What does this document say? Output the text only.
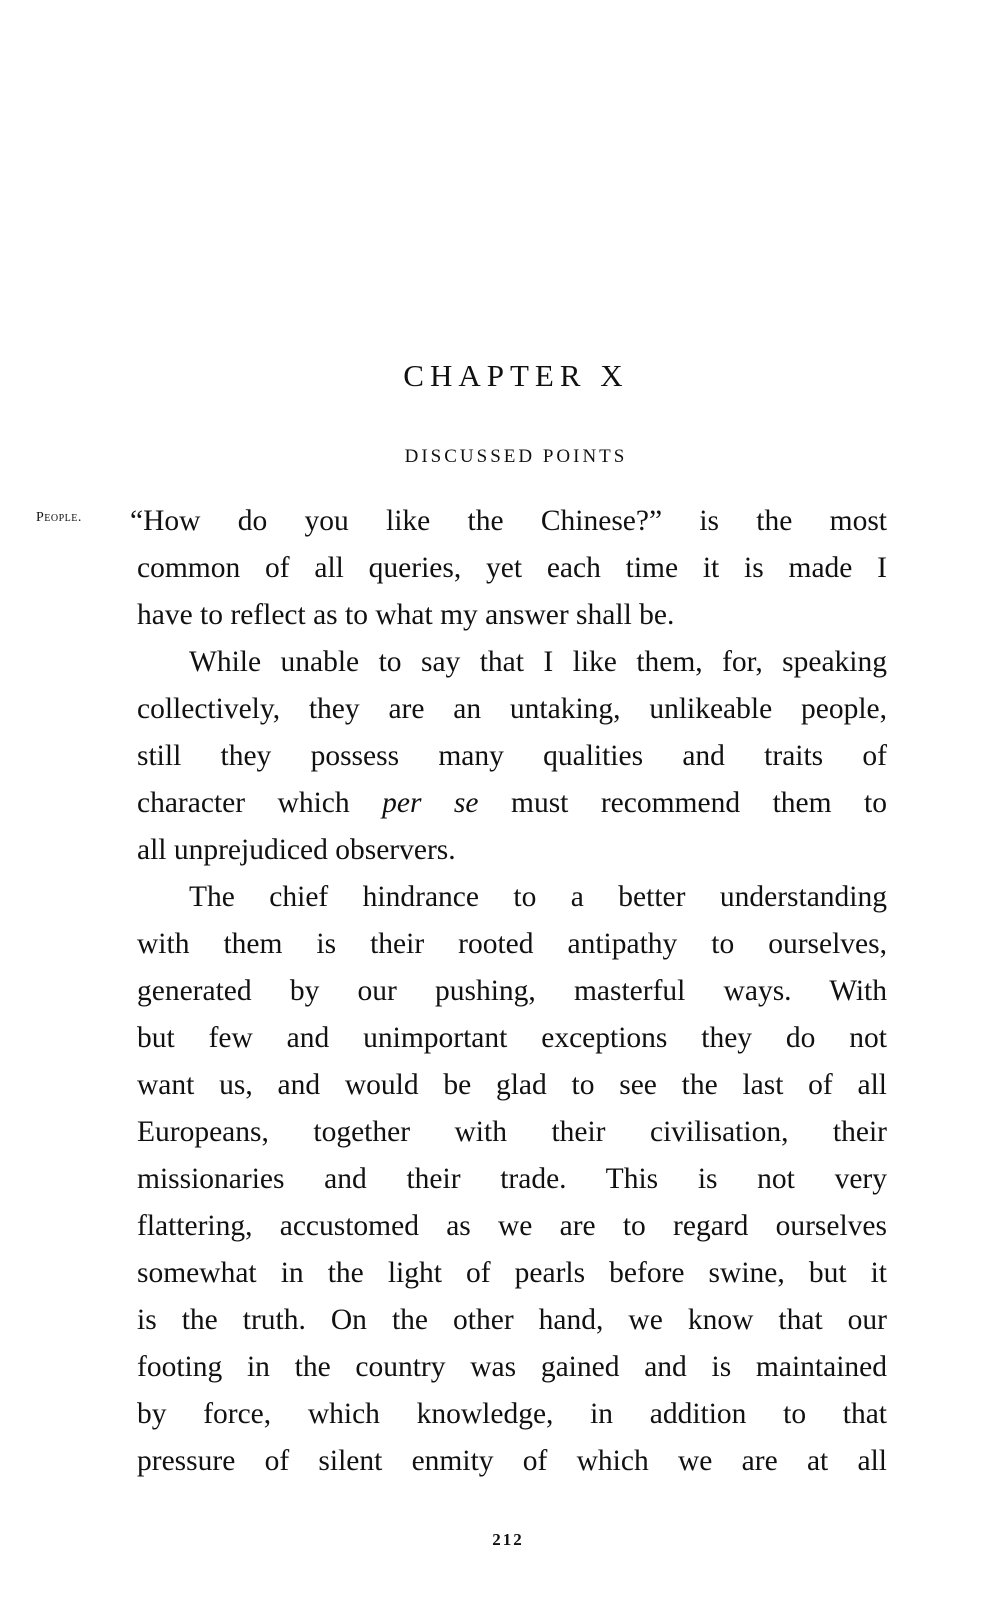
CHAPTER X
DISCUSSED POINTS
People. “How do you like the Chinese?” is the most
common of all queries, yet each time it is made I
have to reflect as to what my answer shall be.
While unable to say that I like them, for, speaking
collectively, they are an untaking, unlikeable people,
still they possess many qualities and traits of
character which per se must recommend them to
all unprejudiced observers.
The chief hindrance to a better understanding
with them is their rooted antipathy to ourselves,
generated by our pushing, masterful ways. With
but few and unimportant exceptions they do not
want us, and would be glad to see the last of all
Europeans, together with their civilisation, their
missionaries and their trade. This is not very
flattering, accustomed as we are to regard ourselves
somewhat in the light of pearls before swine, but it
is the truth. On the other hand, we know that our
footing in the country was gained and is maintained
by force, which knowledge, in addition to that
pressure of silent enmity of which we are at all
212
